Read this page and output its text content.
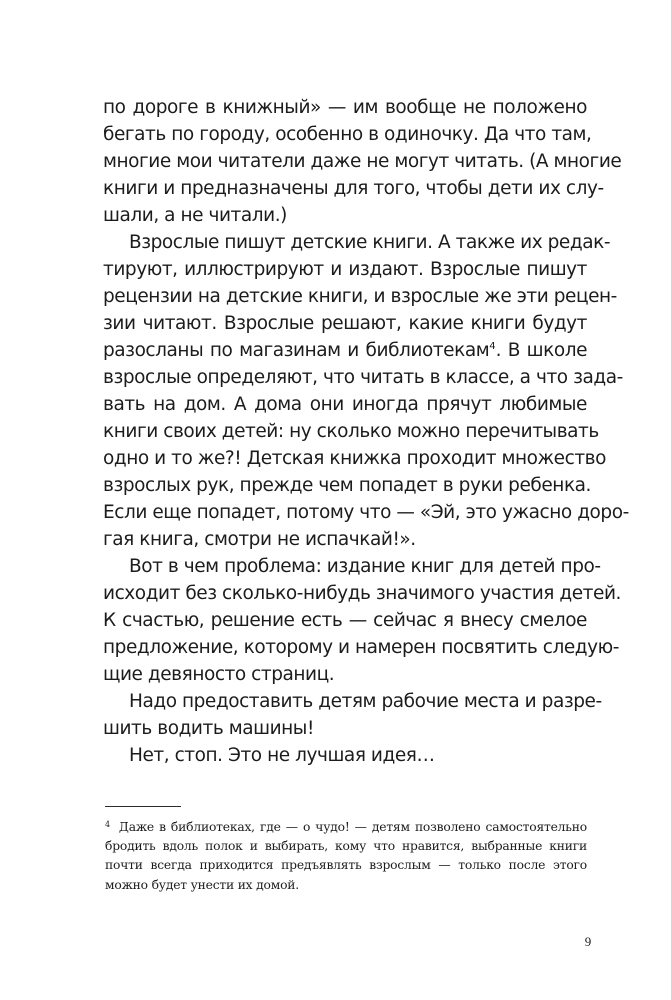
по дороге в книжный» — им вообще не положено
бегать по городу, особенно в одиночку. Да что там,
многие мои читатели даже не могут читать. (А многие
книги и предназначены для того, чтобы дети их слу-
шали, а не читали.)
Взрослые пишут детские книги. А также их редак-
тируют, иллюстрируют и издают. Взрослые пишут
рецензии на детские книги, и взрослые же эти рецен-
зии читают. Взрослые решают, какие книги будут
разосланы по магазинам и библиотекам$^4$. В школе
взрослые определяют, что читать в классе, а что зада-
вать на дом. А дома они иногда прячут любимые
книги своих детей: ну сколько можно перечитывать
одно и то же?! Детская книжка проходит множество
взрослых рук, прежде чем попадет в руки ребенка.
Если еще попадет, потому что — «Эй, это ужасно доро-
гая книга, смотри не испачкай!».
Вот в чем проблема: издание книг для детей про-
исходит без сколько-нибудь значимого участия детей.
К счастью, решение есть — сейчас я внесу смелое
предложение, которому и намерен посвятить следую-
щие девяносто страниц.
Надо предоставить детям рабочие места и разре-
шить водить машины!
Нет, стоп. Это не лучшая идея…
$^4$ Даже в библиотеках, где — о чудо! — детям позволено самостоятельно
бродить вдоль полок и выбирать, кому что нравится, выбранные книги
почти всегда приходится предъявлять взрослым — только после этого
можно будет унести их домой.
9
